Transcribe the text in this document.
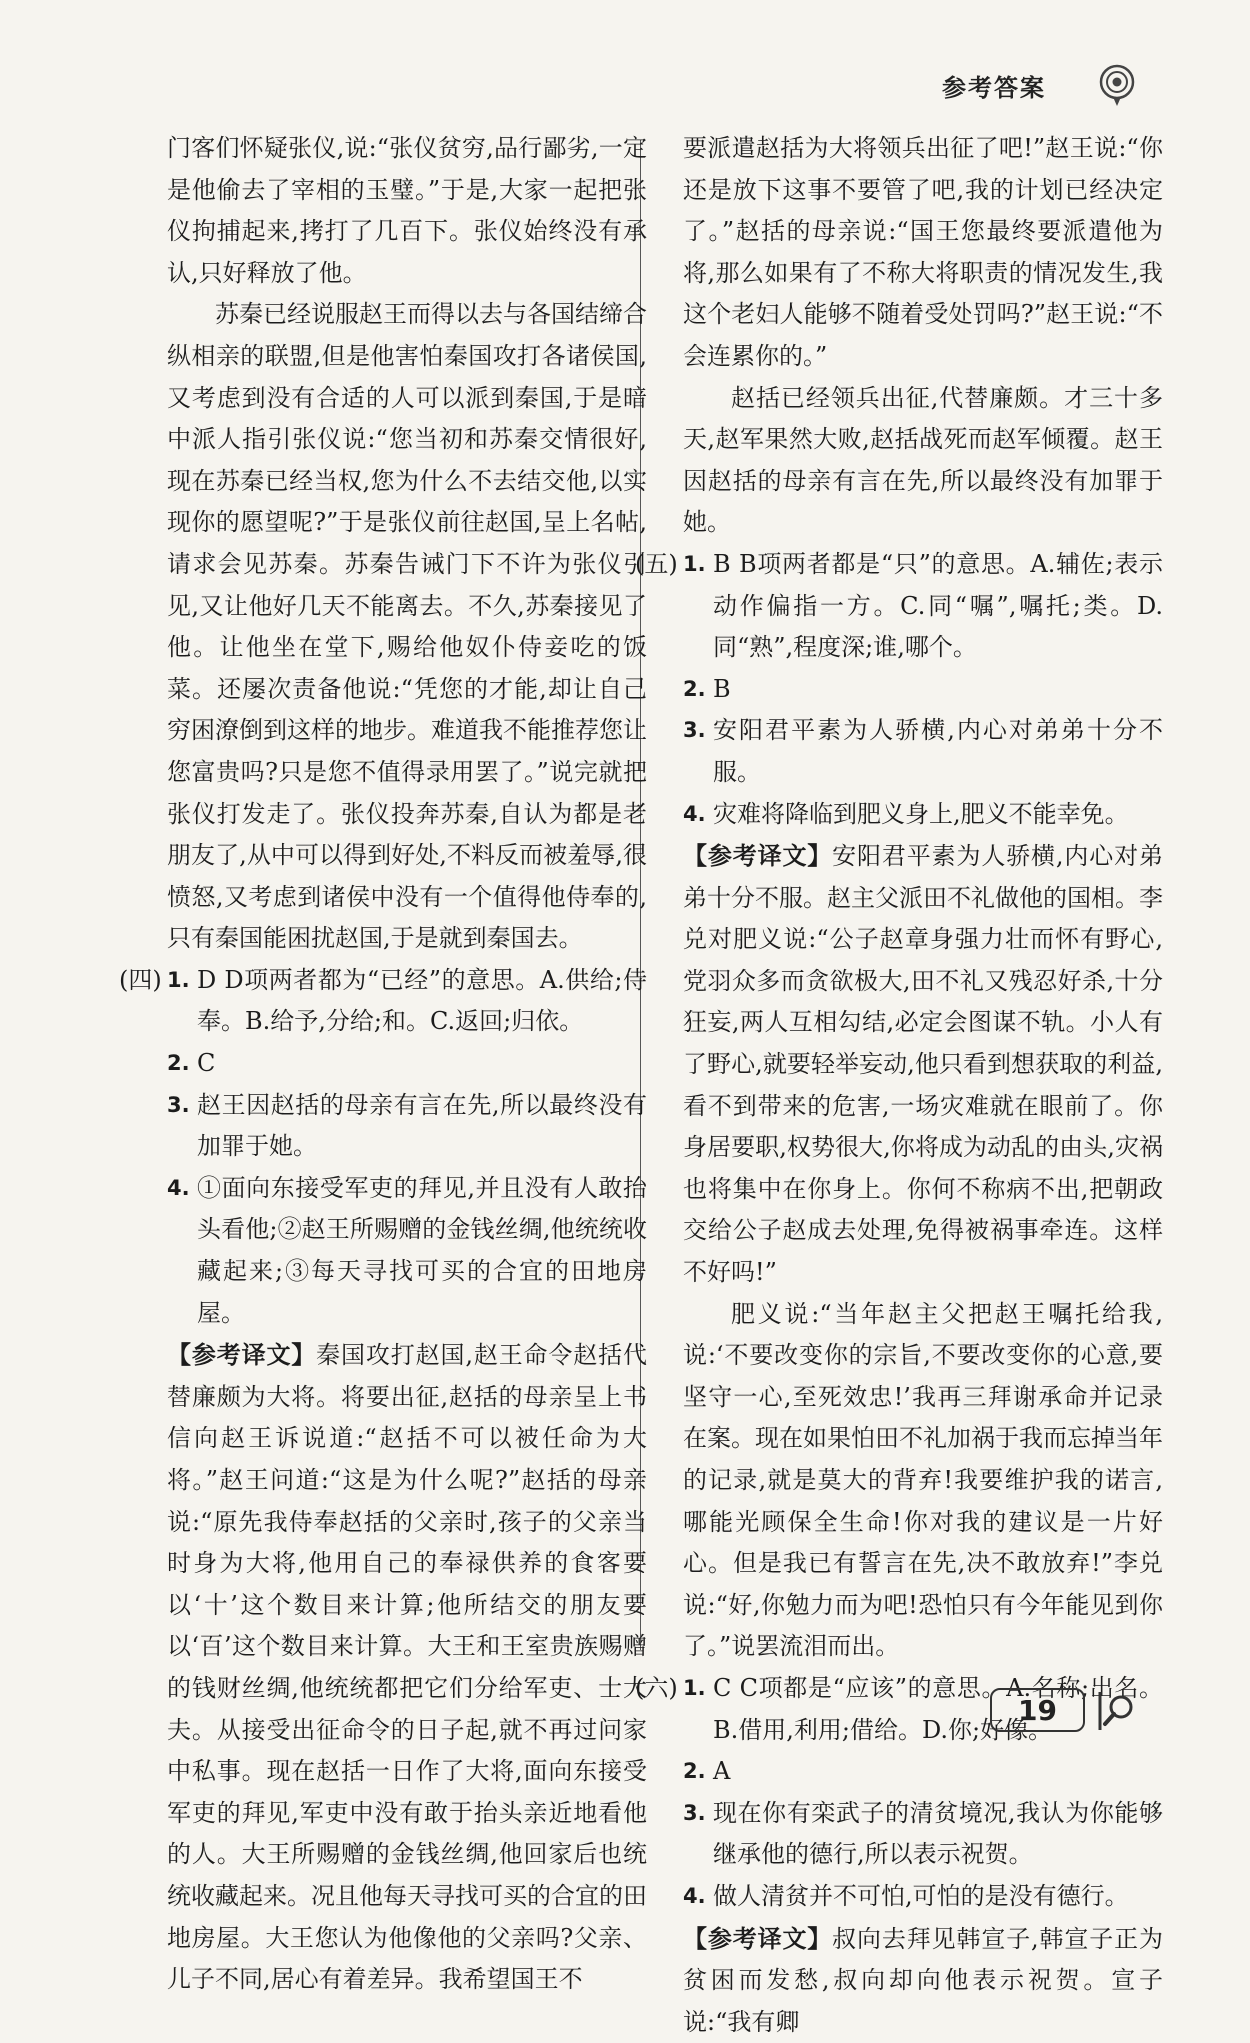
参考答案

门客们怀疑张仪,说:“张仪贫穷,品行鄙劣,一定是他偷去了宰相的玉璧。”于是,大家一起把张仪拘捕起来,拷打了几百下。张仪始终没有承认,只好释放了他。

苏秦已经说服赵王而得以去与各国结缔合纵相亲的联盟,但是他害怕秦国攻打各诸侯国,又考虑到没有合适的人可以派到秦国,于是暗中派人指引张仪说:“您当初和苏秦交情很好,现在苏秦已经当权,您为什么不去结交他,以实现你的愿望呢?”于是张仪前往赵国,呈上名帖,请求会见苏秦。苏秦告诫门下不许为张仪引见,又让他好几天不能离去。不久,苏秦接见了他。让他坐在堂下,赐给他奴仆侍妾吃的饭菜。还屡次责备他说:“凭您的才能,却让自己穷困潦倒到这样的地步。难道我不能推荐您让您富贵吗?只是您不值得录用罢了。”说完就把张仪打发走了。张仪投奔苏秦,自认为都是老朋友了,从中可以得到好处,不料反而被羞辱,很愤怒,又考虑到诸侯中没有一个值得他侍奉的,只有秦国能困扰赵国,于是就到秦国去。

(四) 1. D D项两者都为“已经”的意思。A.供给;侍奉。B.给予,分给;和。C.返回;归依。

2. C

3. 赵王因赵括的母亲有言在先,所以最终没有加罪于她。

4. ①面向东接受军吏的拜见,并且没有人敢抬头看他;②赵王所赐赠的金钱丝绸,他统统收藏起来;③每天寻找可买的合宜的田地房屋。

【参考译文】秦国攻打赵国,赵王命令赵括代替廉颇为大将。将要出征,赵括的母亲呈上书信向赵王诉说道:“赵括不可以被任命为大将。”赵王问道:“这是为什么呢?”赵括的母亲说:“原先我侍奉赵括的父亲时,孩子的父亲当时身为大将,他用自己的奉禄供养的食客要以‘十’这个数目来计算;他所结交的朋友要以‘百’这个数目来计算。大王和王室贵族赐赠的钱财丝绸,他统统都把它们分给军吏、士大夫。从接受出征命令的日子起,就不再过问家中私事。现在赵括一日作了大将,面向东接受军吏的拜见,军吏中没有敢于抬头亲近地看他的人。大王所赐赠的金钱丝绸,他回家后也统统收藏起来。况且他每天寻找可买的合宜的田地房屋。大王您认为他像他的父亲吗?父亲、儿子不同,居心有着差异。我希望国王不

要派遣赵括为大将领兵出征了吧!”赵王说:“你还是放下这事不要管了吧,我的计划已经决定了。”赵括的母亲说:“国王您最终要派遣他为将,那么如果有了不称大将职责的情况发生,我这个老妇人能够不随着受处罚吗?”赵王说:“不会连累你的。”

赵括已经领兵出征,代替廉颇。才三十多天,赵军果然大败,赵括战死而赵军倾覆。赵王因赵括的母亲有言在先,所以最终没有加罪于她。

(五) 1. B B项两者都是“只”的意思。A.辅佐;表示动作偏指一方。C.同“嘱”,嘱托;类。D.同“熟”,程度深;谁,哪个。

2. B

3. 安阳君平素为人骄横,内心对弟弟十分不服。

4. 灾难将降临到肥义身上,肥义不能幸免。

【参考译文】安阳君平素为人骄横,内心对弟弟十分不服。赵主父派田不礼做他的国相。李兑对肥义说:“公子赵章身强力壮而怀有野心,党羽众多而贪欲极大,田不礼又残忍好杀,十分狂妄,两人互相勾结,必定会图谋不轨。小人有了野心,就要轻举妄动,他只看到想获取的利益,看不到带来的危害,一场灾难就在眼前了。你身居要职,权势很大,你将成为动乱的由头,灾祸也将集中在你身上。你何不称病不出,把朝政交给公子赵成去处理,免得被祸事牵连。这样不好吗!”

肥义说:“当年赵主父把赵王嘱托给我,说:‘不要改变你的宗旨,不要改变你的心意,要坚守一心,至死效忠!’我再三拜谢承命并记录在案。现在如果怕田不礼加祸于我而忘掉当年的记录,就是莫大的背弃!我要维护我的诺言,哪能光顾保全生命!你对我的建议是一片好心。但是我已有誓言在先,决不敢放弃!”李兑说:“好,你勉力而为吧!恐怕只有今年能见到你了。”说罢流泪而出。

(六) 1. C C项都是“应该”的意思。A.名称;出名。B.借用,利用;借给。D.你;好像。

2. A

3. 现在你有栾武子的清贫境况,我认为你能够继承他的德行,所以表示祝贺。

4. 做人清贫并不可怕,可怕的是没有德行。

【参考译文】叔向去拜见韩宣子,韩宣子正为贫困而发愁,叔向却向他表示祝贺。宣子说:“我有卿

19
